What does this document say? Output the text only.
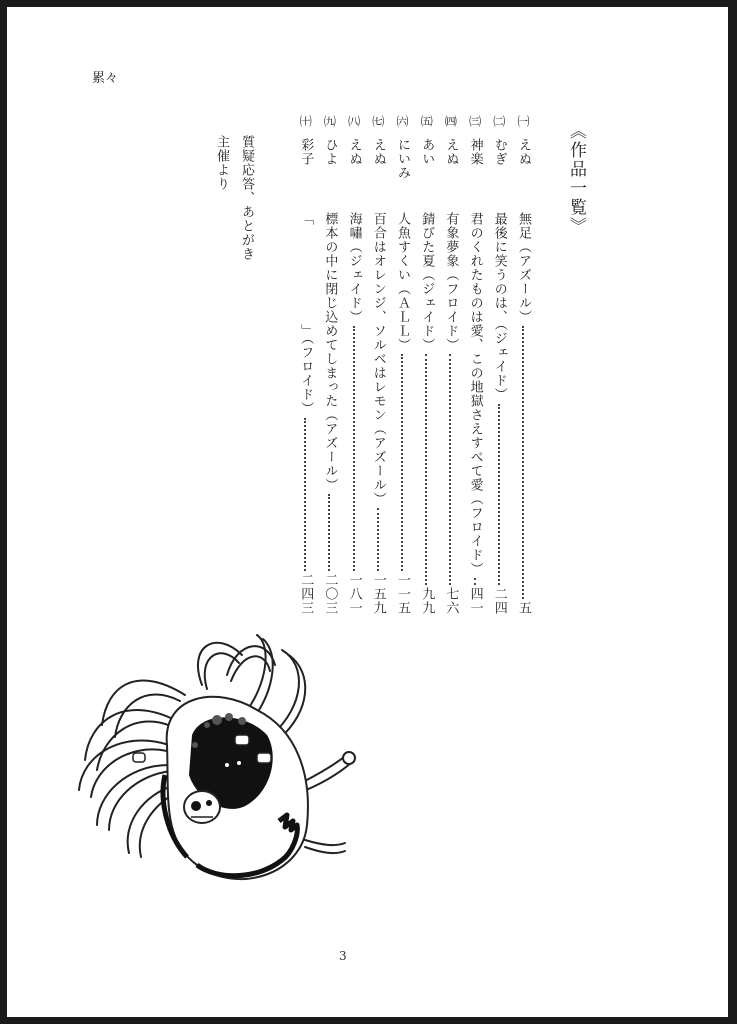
累々
《作品一覧》
㈠
えぬ
無足（アズール）
五
㈡
むぎ
最後に笑うのは、（ジェイド）
二四
㈢
神楽
君のくれたものは愛、この地獄さえすべて愛（フロイド）
四一
㈣
えぬ
有象夢象（フロイド）
七六
㈤
あい
錆びた夏（ジェイド）
九九
㈥
にいみ
人魚すくい（ＡＬＬ）
一一五
㈦
えぬ
百合はオレンジ、ソルベはレモン（アズール）
一五九
㈧
えぬ
海嘯（ジェイド）
一八一
㈨
ひよ
標本の中に閉じ込めてしまった（アズール）
二〇三
㈩
彩子
「　　　　　　　」（フロイド）
二四三
質疑応答、あとがき
主催より
3
